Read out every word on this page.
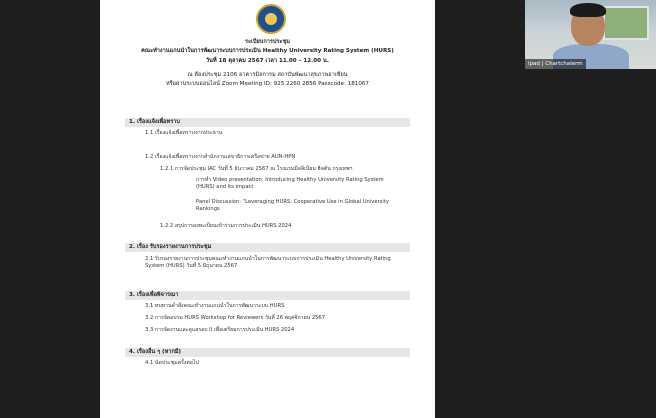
ระเบียบการประชุม
คณะทำงานแกนนำในการพัฒนาระบบการประเมิน Healthy University Rating System (HURS)
วันที่ 18 ตุลาคม 2567 เวลา 11.00 – 12.00 น.
ณ ห้องประชุม 2106 อาคารมิลการม สถาบันพัฒนาสุขภาพอาเซียน
หรือผ่านระบบออนไลน์ Zoom Meeting ID: 925 2260 2856 Passcode: 181067
1. เรื่องแจ้งเพื่อทราบ
1.1 เรื่องแจ้งเพื่อทราบจากประธาน
1.2 เรื่องแจ้งเพื่อทราบจากสำนักงานเลขาธิการเครือข่าย AUN-HPN
1.2.1 การจัดประชุม IAC วันที่ 5 ธันวาคม 2567 ณ โรงแรมมิลลิเนียม ฮิลตัน กรุงเทพฯ
การทำ Video presentation: Introducing Healthy University Rating System (HURS) and its impact
Panel Discussion: “Leveraging HURS: Cooperative Use in Global University Rankings
1.2.2 สรุปการลงทะเบียนเข้าร่วมการประเมิน HURS 2024
2. เรื่อง รับรองรายงานการประชุม
2.1 รับรองรายงานการประชุมคณะทำงานแกนนำในการพัฒนาระบบการประเมิน Healthy University Rating System (HURS) วันที่ 5 มิถุนายน 2567
3. เรื่องเพื่อพิจารณา
3.1 ทบทวนคำสั่งคณะทำงานแกนนำในการพัฒนาระบบ HURS
3.2 การจัดอบรม HURS Workshop for Reviewers วันที่ 26 พฤศจิกายน 2567
3.3 การจัดงานและดูแลรอบ II เพื่อเตรียมการประเมิน HURS 2024
4. เรื่องอื่น ๆ (หากมี)
4.1 นัดประชุมครั้งต่อไป
ipad | Chartchalerm
